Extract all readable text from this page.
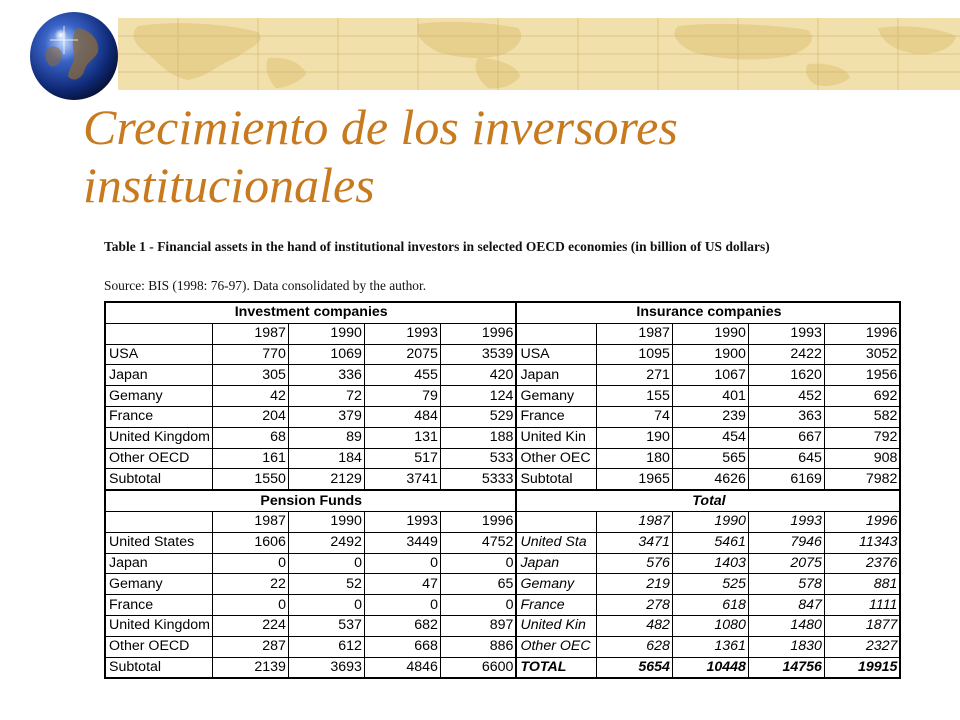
Crecimiento de los inversores institucionales

Table 1 - Financial assets in the hand of institutional investors in selected OECD economies (in billion of US dollars)

Source: BIS (1998: 76-97). Data consolidated by the author.

Investment companies					Insurance companies				
	1987	1990	1993	1996		1987	1990	1993	1996
USA	770	1069	2075	3539	USA	1095	1900	2422	3052
Japan	305	336	455	420	Japan	271	1067	1620	1956
Gemany	42	72	79	124	Gemany	155	401	452	692
France	204	379	484	529	France	74	239	363	582
United Kingdom	68	89	131	188	United Kin	190	454	667	792
Other OECD	161	184	517	533	Other OEC	180	565	645	908
Subtotal	1550	2129	3741	5333	Subtotal	1965	4626	6169	7982
Pension Funds					Total				
	1987	1990	1993	1996		1987	1990	1993	1996
United States	1606	2492	3449	4752	United Sta	3471	5461	7946	11343
Japan	0	0	0	0	Japan	576	1403	2075	2376
Gemany	22	52	47	65	Gemany	219	525	578	881
France	0	0	0	0	France	278	618	847	1111
United Kingdom	224	537	682	897	United Kin	482	1080	1480	1877
Other OECD	287	612	668	886	Other OEC	628	1361	1830	2327
Subtotal	2139	3693	4846	6600	TOTAL	5654	10448	14756	19915
